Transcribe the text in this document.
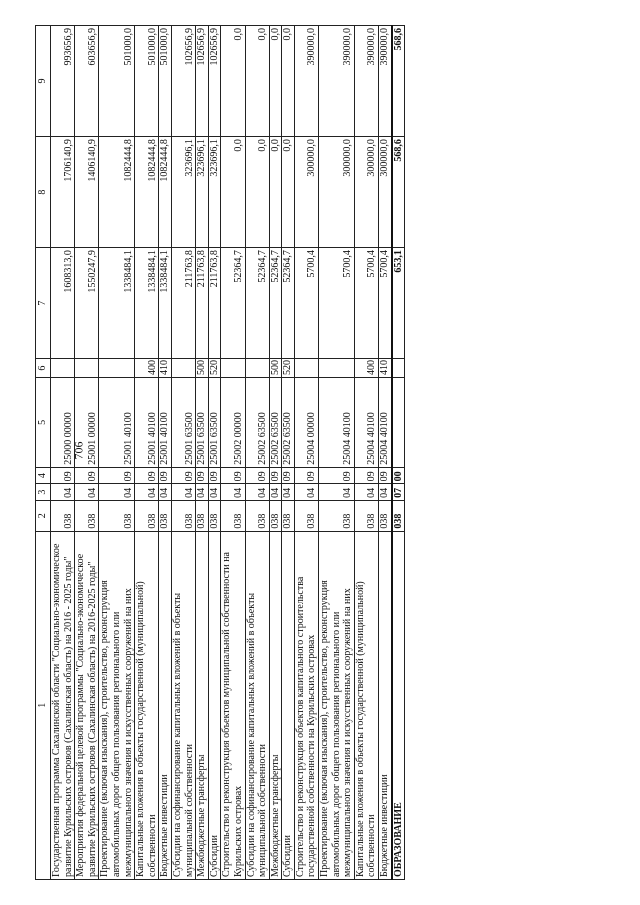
706
1	2	3	4	5	6	7	8	9
Государственная программа Сахалинской области "Социально-экономическое развитие Курильских островов (Сахалинская область) на 2016 - 2025 годы"	038	04	09	25000 00000		1608313,0	1706140,9	993656,9
Мероприятия федеральной целевой программы "Социально-экономическое развитие Курильских островов (Сахалинская область) на 2016-2025 годы"	038	04	09	25001 00000		1550247,9	1406140,9	603656,9
Проектирование (включая изыскания), строительство, реконструкция автомобильных дорог общего пользования регионального или межмуниципального значения и искусственных сооружений на них	038	04	09	25001 40100		1338484,1	1082444,8	501000,0
Капитальные вложения в объекты государственной (муниципальной) собственности	038	04	09	25001 40100	400	1338484,1	1082444,8	501000,0
Бюджетные инвестиции	038	04	09	25001 40100	410	1338484,1	1082444,8	501000,0
Субсидии на софинансирование капитальных вложений в объекты муниципальной собственности	038	04	09	25001 63500		211763,8	323696,1	102656,9
Межбюджетные трансферты	038	04	09	25001 63500	500	211763,8	323696,1	102656,9
Субсидии	038	04	09	25001 63500	520	211763,8	323696,1	102656,9
Строительство и реконструкция объектов муниципальной собственности на Курильских островах	038	04	09	25002 00000		52364,7	0,0	0,0
Субсидии на софинансирование капитальных вложений в объекты муниципальной собственности	038	04	09	25002 63500		52364,7	0,0	0,0
Межбюджетные трансферты	038	04	09	25002 63500	500	52364,7	0,0	0,0
Субсидии	038	04	09	25002 63500	520	52364,7	0,0	0,0
Строительство и реконструкция объектов капитального строительства государственной собственности на Курильских островах	038	04	09	25004 00000		5700,4	300000,0	390000,0
Проектирование (включая изыскания), строительство, реконструкция автомобильных дорог общего пользования регионального или межмуниципального значения и искусственных сооружений на них	038	04	09	25004 40100		5700,4	300000,0	390000,0
Капитальные вложения в объекты государственной (муниципальной) собственности	038	04	09	25004 40100	400	5700,4	300000,0	390000,0
Бюджетные инвестиции	038	04	09	25004 40100	410	5700,4	300000,0	390000,0
ОБРАЗОВАНИЕ	038	07	00			653,1	568,6	568,6
